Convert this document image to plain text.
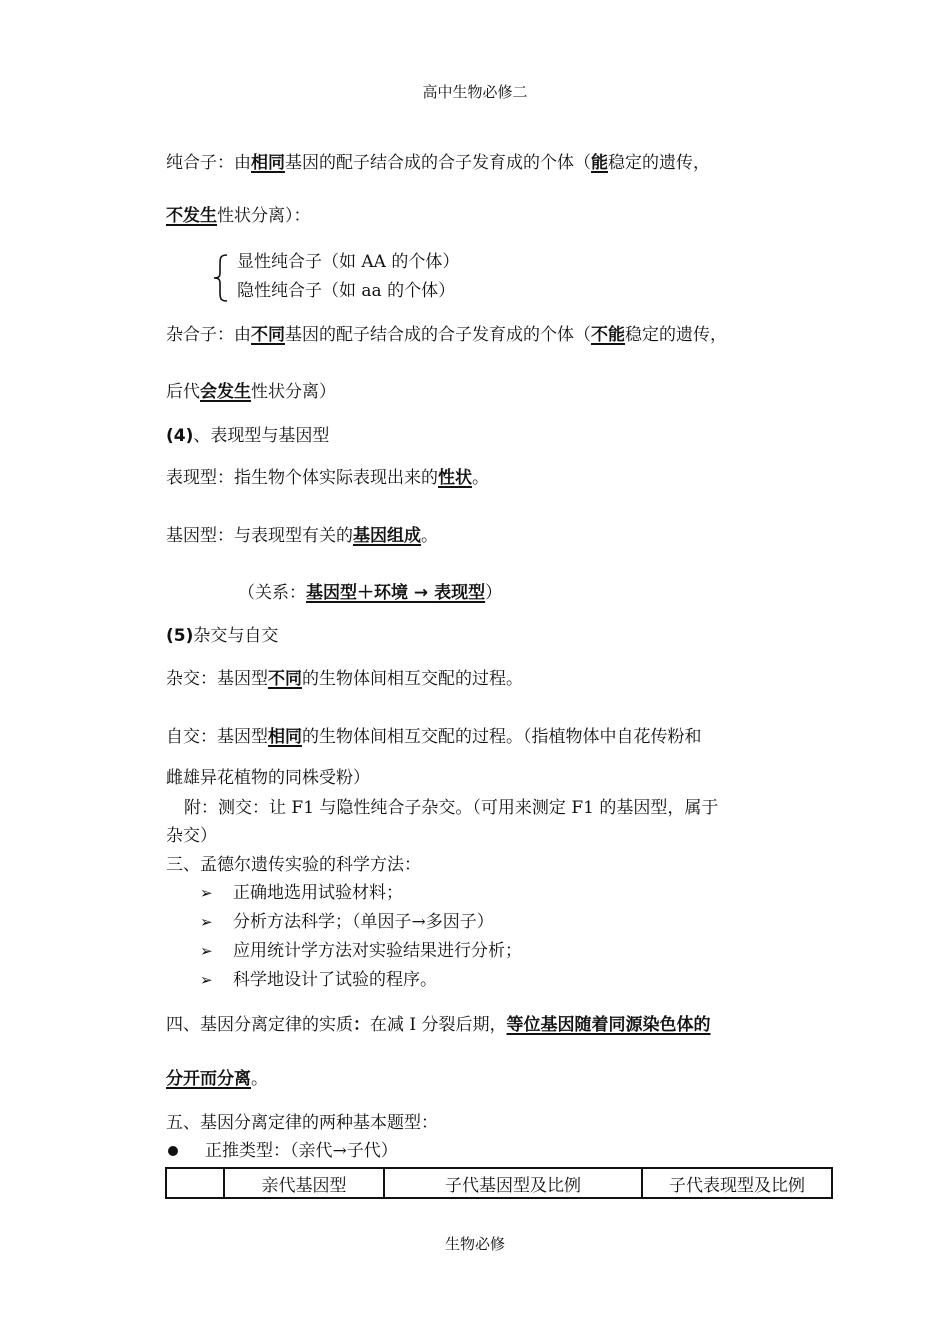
高中生物必修二
纯合子：由相同基因的配子结合成的合子发育成的个体（能稳定的遗传，
不发生性状分离）：
显性纯合子（如 AA 的个体）
隐性纯合子（如 aa 的个体）
杂合子：由不同基因的配子结合成的合子发育成的个体（不能稳定的遗传，
后代会发生性状分离）
(4)、表现型与基因型
表现型：指生物个体实际表现出来的性状。
基因型：与表现型有关的基因组成。
（关系：基因型＋环境 → 表现型）
(5)杂交与自交
杂交：基因型不同的生物体间相互交配的过程。
自交：基因型相同的生物体间相互交配的过程。（指植物体中自花传粉和
雌雄异花植物的同株受粉）
附：测交：让 F1 与隐性纯合子杂交。（可用来测定 F1 的基因型，属于
杂交）
三、孟德尔遗传实验的科学方法：
➢ 正确地选用试验材料；
➢ 分析方法科学；（单因子→多因子）
➢ 应用统计学方法对实验结果进行分析；
➢ 科学地设计了试验的程序。
四、基因分离定律的实质：在减 I 分裂后期，等位基因随着同源染色体的
分开而分离。
五、基因分离定律的两种基本题型：
正推类型：（亲代→子代）
	亲代基因型	子代基因型及比例	子代表现型及比例
生物必修
